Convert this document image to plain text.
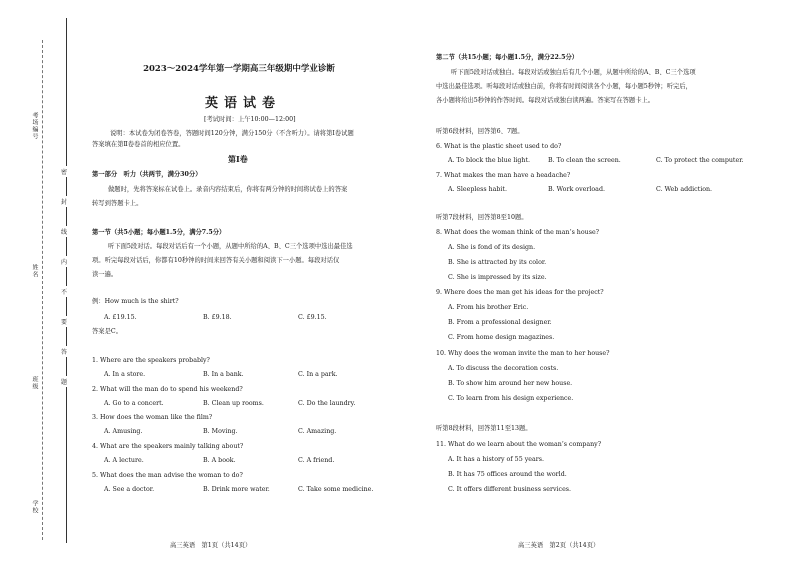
考场编号
姓名
班级
学校
密
封
线
内
不
要
答
题
2023～2024学年第一学期高三年级期中学业诊断
英语试卷
[考试时间：上午10:00—12:00]
说明：本试卷为闭卷答卷，答题时间120分钟，满分150分（不含听力）。请将第Ⅰ卷试题
答案填在第Ⅱ卷卷首的相应位置。
第Ⅰ卷
第一部分　听力（共两节，满分30分）
做题时，先将答案标在试卷上。录音内容结束后，你将有两分钟的时间将试卷上的答案
转写到答题卡上。
第一节（共5小题；每小题1.5分，满分7.5分）
听下面5段对话。每段对话后有一个小题，从题中所给的A、B、C三个选项中选出最佳选
项。听完每段对话后，你都有10秒钟的时间来回答有关小题和阅读下一小题。每段对话仅
读一遍。
例：How much is the shirt?
A. £19.15.	B. £9.18.	C. £9.15.
答案是C。
1. Where are the speakers probably?
A. In a store.	B. In a bank.	C. In a park.
2. What will the man do to spend his weekend?
A. Go to a concert.	B. Clean up rooms.	C. Do the laundry.
3. How does the woman like the film?
A. Amusing.	B. Moving.	C. Amazing.
4. What are the speakers mainly talking about?
A. A lecture.	B. A book.	C. A friend.
5. What does the man advise the woman to do?
A. See a doctor.	B. Drink more water.	C. Take some medicine.
第二节（共15小题；每小题1.5分，满分22.5分）
听下面5段对话或独白。每段对话或独白后有几个小题，从题中所给的A、B、C三个选项
中选出最佳选项。听每段对话或独白前，你将有时间阅读各个小题，每小题5秒钟；听完后，
各小题将给出5秒钟的作答时间。每段对话或独白读两遍。答案写在答题卡上。
听第6段材料，回答第6、7题。
6. What is the plastic sheet used to do?
A. To block the blue light.	B. To clean the screen.	C. To protect the computer.
7. What makes the man have a headache?
A. Sleepless habit.	B. Work overload.	C. Web addiction.
听第7段材料，回答第8至10题。
8. What does the woman think of the man’s house?
A. She is fond of its design.
B. She is attracted by its color.
C. She is impressed by its size.
9. Where does the man get his ideas for the project?
A. From his brother Eric.
B. From a professional designer.
C. From home design magazines.
10. Why does the woman invite the man to her house?
A. To discuss the decoration costs.
B. To show him around her new house.
C. To learn from his design experience.
听第8段材料，回答第11至13题。
11. What do we learn about the woman’s company?
A. It has a history of 55 years.
B. It has 75 offices around the world.
C. It offers different business services.
高三英语　第1页（共14页）	高三英语　第2页（共14页）
